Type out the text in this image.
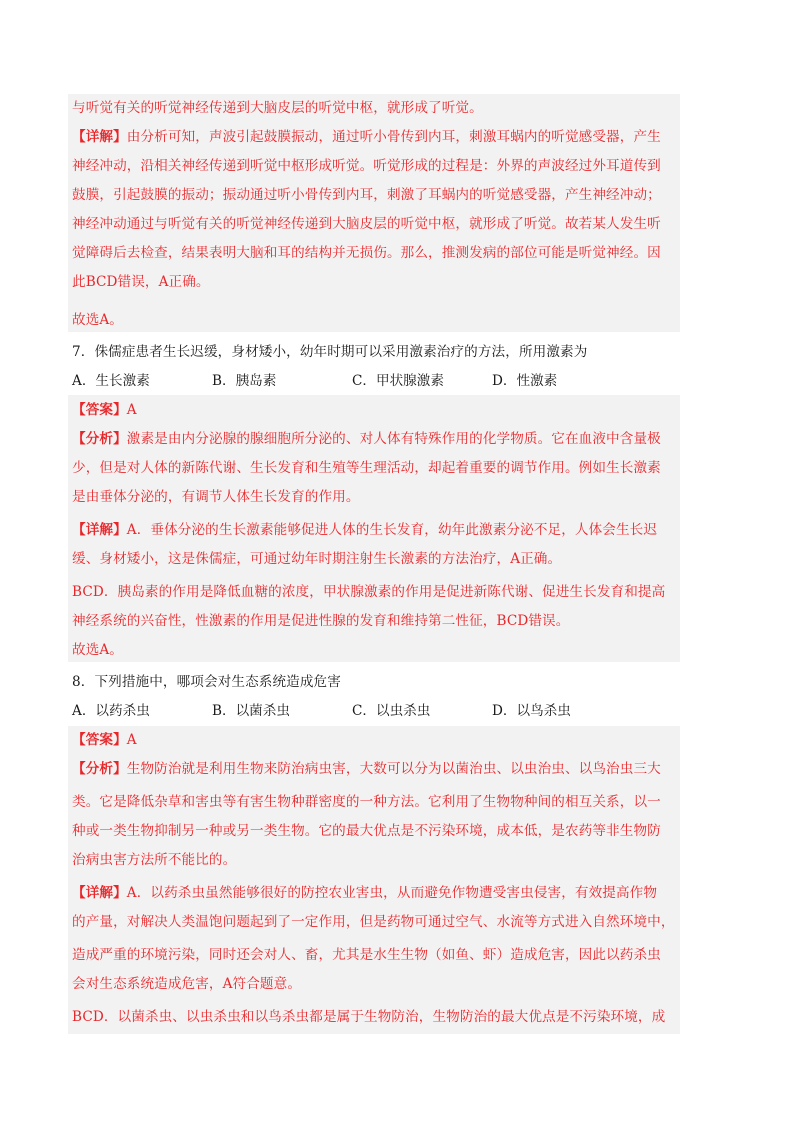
与听觉有关的听觉神经传递到大脑皮层的听觉中枢，就形成了听觉。
【详解】由分析可知，声波引起鼓膜振动，通过听小骨传到内耳，刺激耳蜗内的听觉感受器，产生
神经冲动，沿相关神经传递到听觉中枢形成听觉。听觉形成的过程是：外界的声波经过外耳道传到
鼓膜，引起鼓膜的振动；振动通过听小骨传到内耳，刺激了耳蜗内的听觉感受器，产生神经冲动；
神经冲动通过与听觉有关的听觉神经传递到大脑皮层的听觉中枢，就形成了听觉。故若某人发生听
觉障碍后去检查，结果表明大脑和耳的结构并无损伤。那么，推测发病的部位可能是听觉神经。因
此BCD错误，A正确。
故选A。
7．侏儒症患者生长迟缓，身材矮小，幼年时期可以采用激素治疗的方法，所用激素为
A．生长激素	B．胰岛素	C．甲状腺激素	D．性激素
【答案】A
【分析】激素是由内分泌腺的腺细胞所分泌的、对人体有特殊作用的化学物质。它在血液中含量极
少，但是对人体的新陈代谢、生长发育和生殖等生理活动，却起着重要的调节作用。例如生长激素
是由垂体分泌的，有调节人体生长发育的作用。
【详解】A．垂体分泌的生长激素能够促进人体的生长发育，幼年此激素分泌不足，人体会生长迟
缓、身材矮小，这是侏儒症，可通过幼年时期注射生长激素的方法治疗，A正确。
BCD．胰岛素的作用是降低血糖的浓度，甲状腺激素的作用是促进新陈代谢、促进生长发育和提高
神经系统的兴奋性，性激素的作用是促进性腺的发育和维持第二性征，BCD错误。
故选A。
8．下列措施中，哪项会对生态系统造成危害
A．以药杀虫	B．以菌杀虫	C．以虫杀虫	D．以鸟杀虫
【答案】A
【分析】生物防治就是利用生物来防治病虫害，大数可以分为以菌治虫、以虫治虫、以鸟治虫三大
类。它是降低杂草和害虫等有害生物种群密度的一种方法。它利用了生物物种间的相互关系，以一
种或一类生物抑制另一种或另一类生物。它的最大优点是不污染环境，成本低，是农药等非生物防
治病虫害方法所不能比的。
【详解】A．以药杀虫虽然能够很好的防控农业害虫，从而避免作物遭受害虫侵害，有效提高作物
的产量，对解决人类温饱问题起到了一定作用，但是药物可通过空气、水流等方式进入自然环境中，
造成严重的环境污染，同时还会对人、畜，尤其是水生生物（如鱼、虾）造成危害，因此以药杀虫
会对生态系统造成危害，A符合题意。
BCD．以菌杀虫、以虫杀虫和以鸟杀虫都是属于生物防治，生物防治的最大优点是不污染环境，成
